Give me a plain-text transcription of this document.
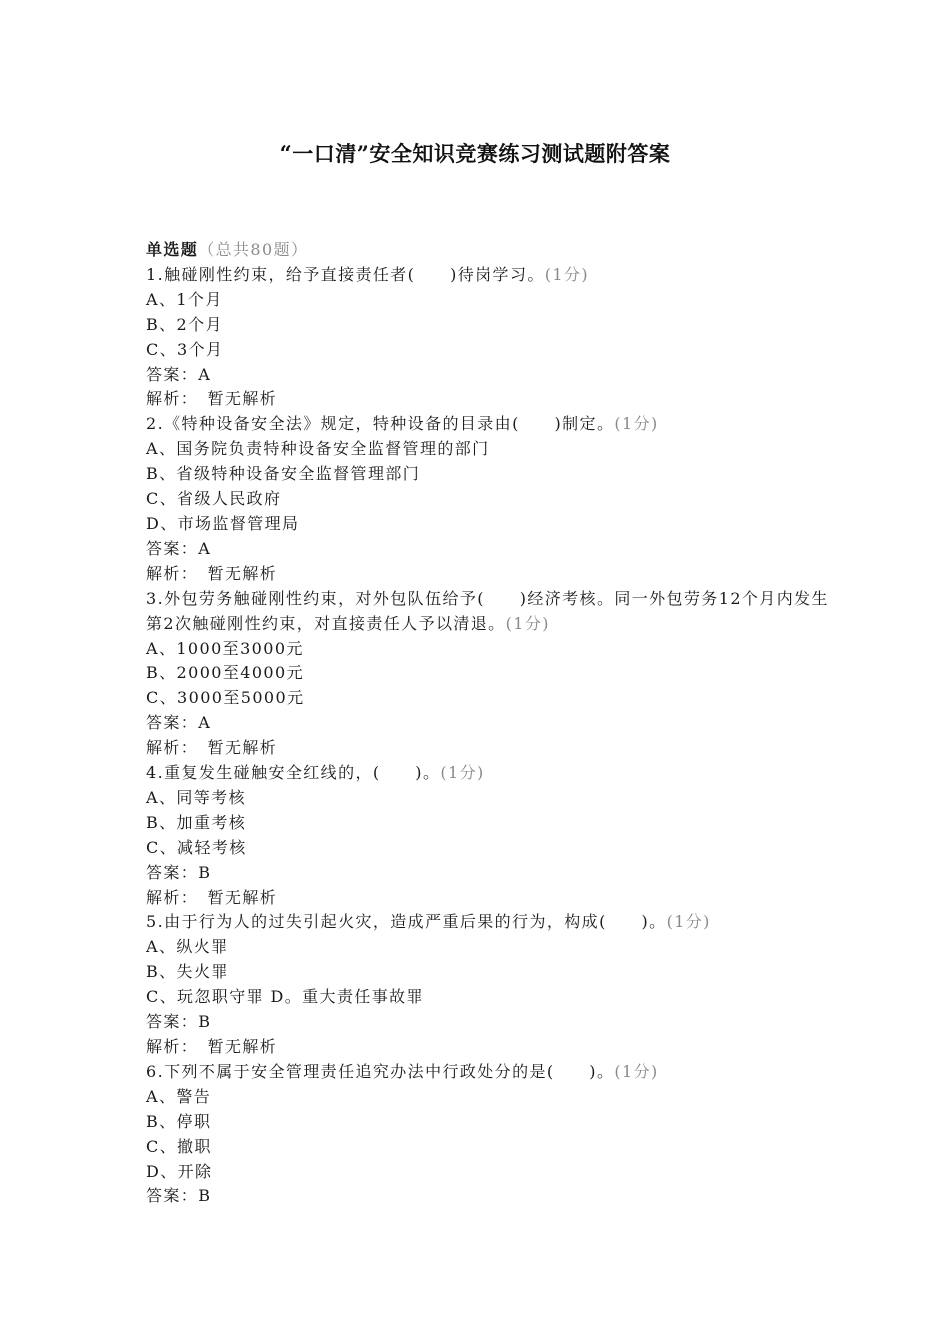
“一口清”安全知识竞赛练习测试题附答案
单选题（总共80题）
1.触碰刚性约束，给予直接责任者(　　)待岗学习。(1分)
A、1个月
B、2个月
C、3个月
答案：A
解析：　暂无解析
2.《特种设备安全法》规定，特种设备的目录由(　　)制定。(1分)
A、国务院负责特种设备安全监督管理的部门
B、省级特种设备安全监督管理部门
C、省级人民政府
D、市场监督管理局
答案：A
解析：　暂无解析
3.外包劳务触碰刚性约束，对外包队伍给予(　　)经济考核。同一外包劳务12个月内发生第2次触碰刚性约束，对直接责任人予以清退。(1分)
A、1000至3000元
B、2000至4000元
C、3000至5000元
答案：A
解析：　暂无解析
4.重复发生碰触安全红线的，(　　)。(1分)
A、同等考核
B、加重考核
C、减轻考核
答案：B
解析：　暂无解析
5.由于行为人的过失引起火灾，造成严重后果的行为，构成(　　)。(1分)
A、纵火罪
B、失火罪
C、玩忽职守罪 D。重大责任事故罪
答案：B
解析：　暂无解析
6.下列不属于安全管理责任追究办法中行政处分的是(　　)。(1分)
A、警告
B、停职
C、撤职
D、开除
答案：B
